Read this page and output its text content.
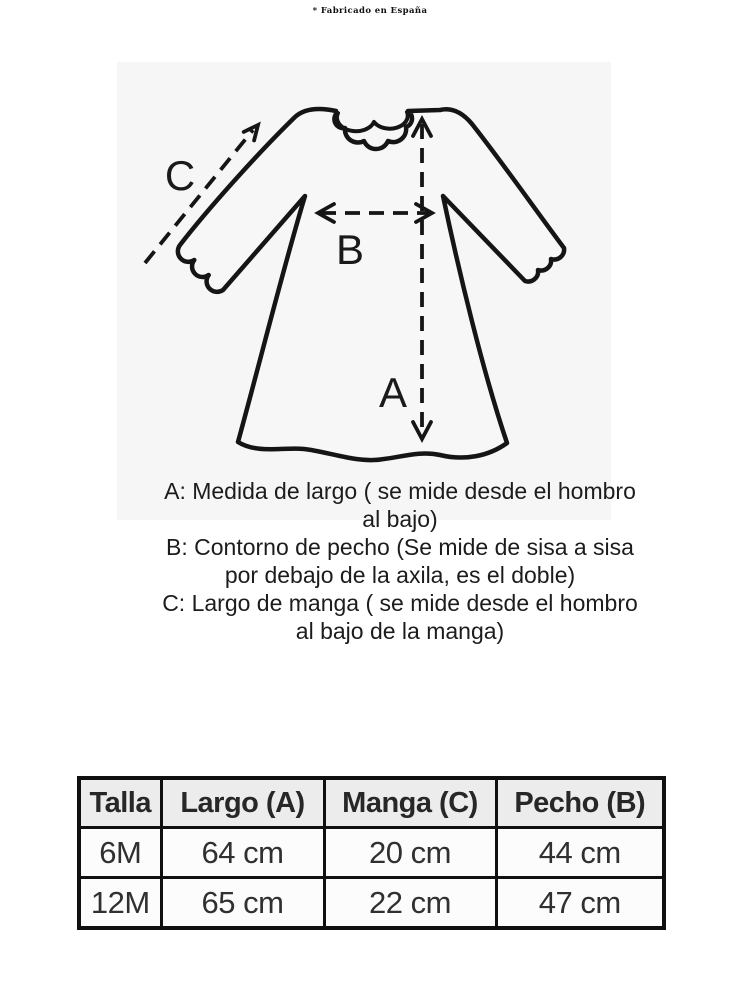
* Fabricado en España
A
B
C
A: Medida de largo ( se mide desde el hombro
al bajo)
B: Contorno de pecho (Se mide de sisa a sisa
por debajo de la axila, es el doble)
C: Largo de manga ( se mide desde el hombro
al bajo de la manga)
Talla	Largo (A)	Manga (C)	Pecho (B)
6M	64 cm	20 cm	44 cm
12M	65 cm	22 cm	47 cm
